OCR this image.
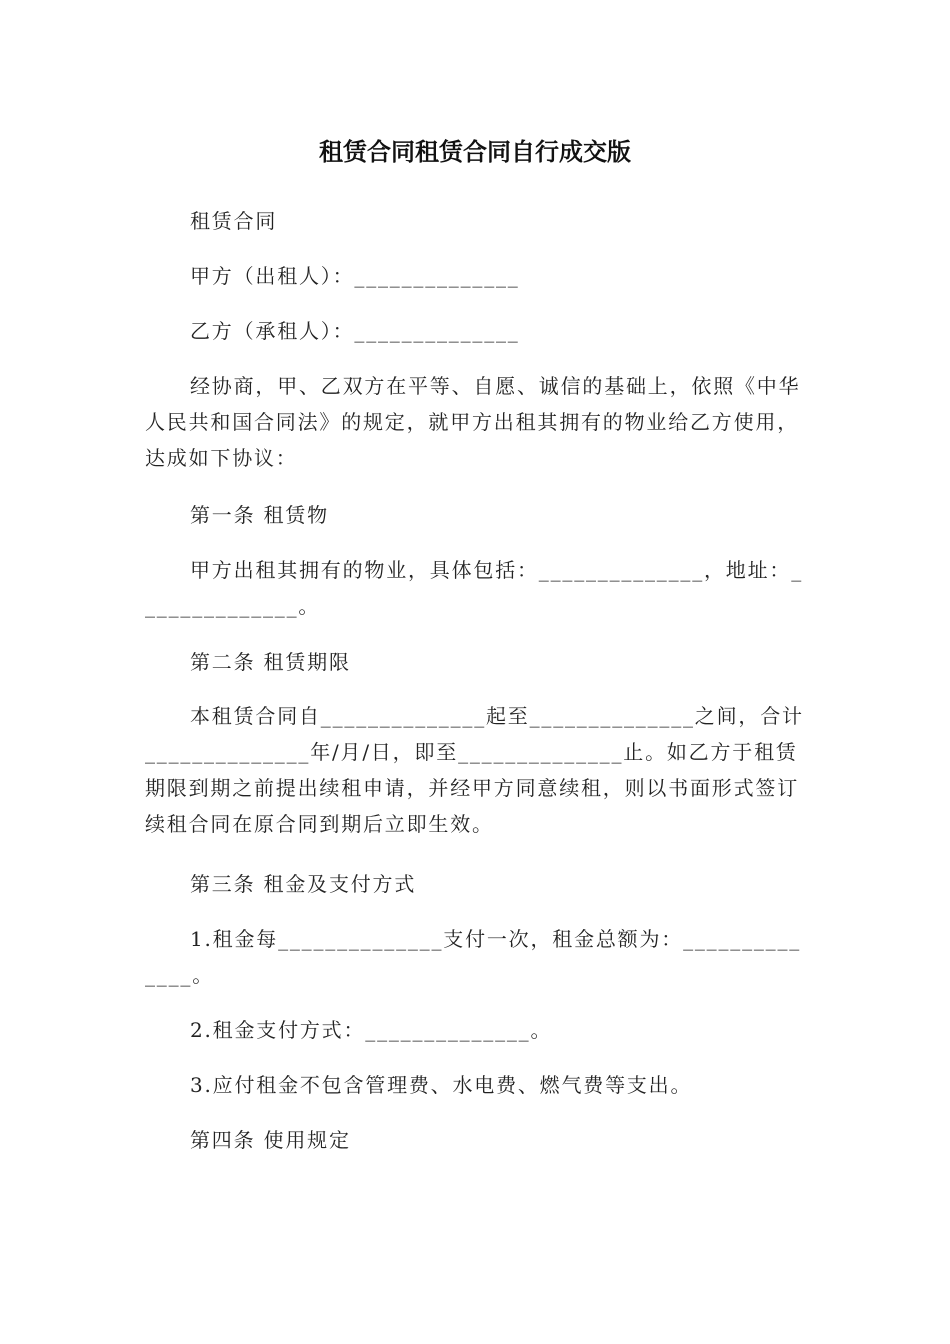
租赁合同租赁合同自行成交版

租赁合同

甲方（出租人）：______________

乙方（承租人）：______________

经协商，甲、乙双方在平等、自愿、诚信的基础上，依照《中华人民共和国合同法》的规定，就甲方出租其拥有的物业给乙方使用，达成如下协议：

第一条 租赁物

甲方出租其拥有的物业，具体包括：______________，地址：______________。

第二条 租赁期限

本租赁合同自______________起至______________之间，合计______________年/月/日，即至______________止。如乙方于租赁期限到期之前提出续租申请，并经甲方同意续租，则以书面形式签订续租合同在原合同到期后立即生效。

第三条 租金及支付方式

1.租金每______________支付一次，租金总额为：______________。

2.租金支付方式：______________。

3.应付租金不包含管理费、水电费、燃气费等支出。

第四条 使用规定
